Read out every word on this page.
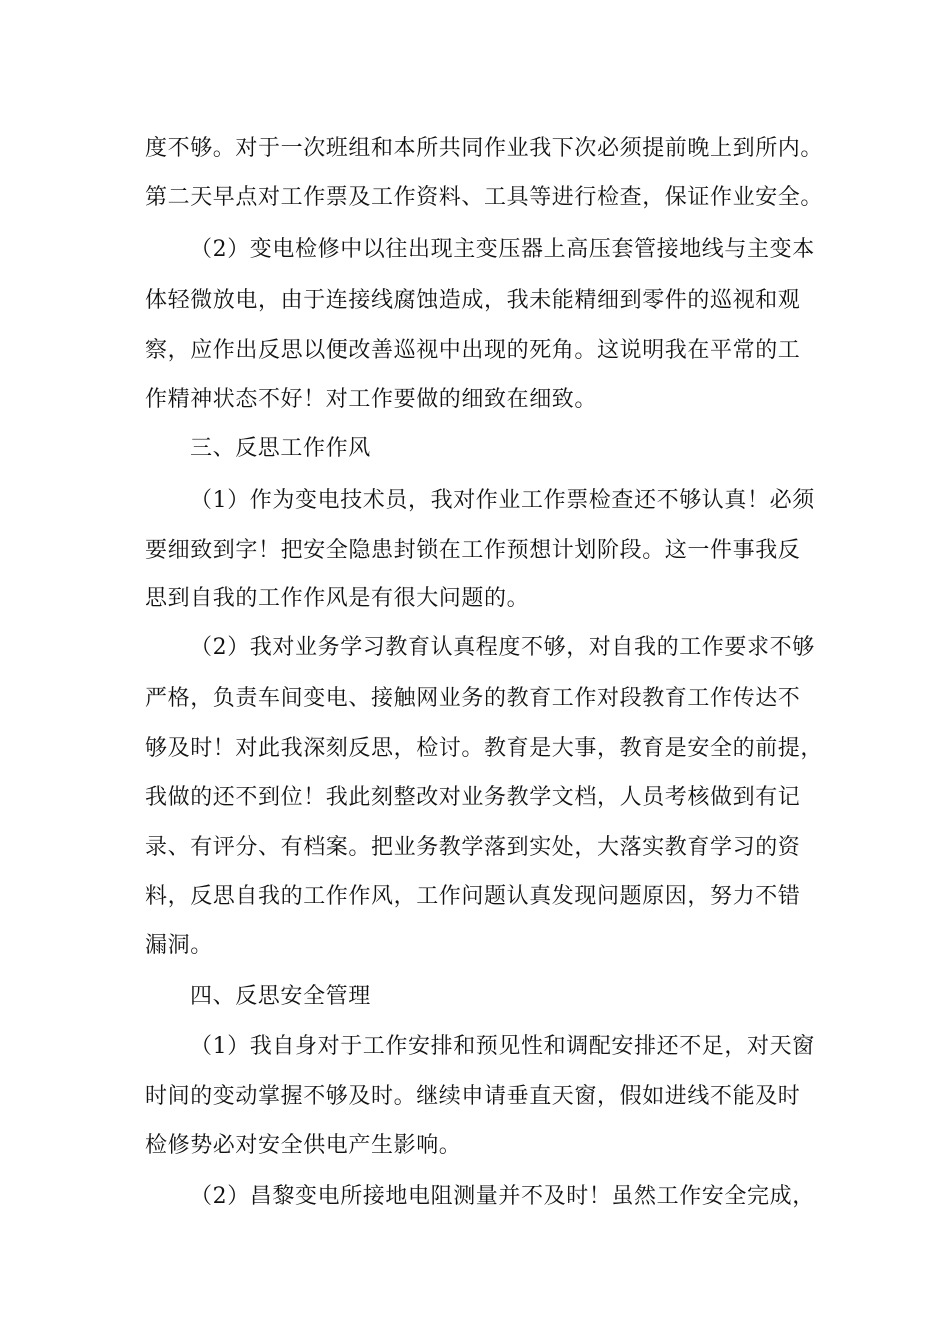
度不够。对于一次班组和本所共同作业我下次必须提前晚上到所内。
第二天早点对工作票及工作资料、工具等进行检查，保证作业安全。
（2）变电检修中以往出现主变压器上高压套管接地线与主变本
体轻微放电，由于连接线腐蚀造成，我未能精细到零件的巡视和观
察，应作出反思以便改善巡视中出现的死角。这说明我在平常的工
作精神状态不好！对工作要做的细致在细致。
三、反思工作作风
（1）作为变电技术员，我对作业工作票检查还不够认真！必须
要细致到字！把安全隐患封锁在工作预想计划阶段。这一件事我反
思到自我的工作作风是有很大问题的。
（2）我对业务学习教育认真程度不够，对自我的工作要求不够
严格，负责车间变电、接触网业务的教育工作对段教育工作传达不
够及时！对此我深刻反思，检讨。教育是大事，教育是安全的前提，
我做的还不到位！我此刻整改对业务教学文档，人员考核做到有记
录、有评分、有档案。把业务教学落到实处，大落实教育学习的资
料，反思自我的工作作风，工作问题认真发现问题原因，努力不错
漏洞。
四、反思安全管理
（1）我自身对于工作安排和预见性和调配安排还不足，对天窗
时间的变动掌握不够及时。继续申请垂直天窗，假如进线不能及时
检修势必对安全供电产生影响。
（2）昌黎变电所接地电阻测量并不及时！虽然工作安全完成，
